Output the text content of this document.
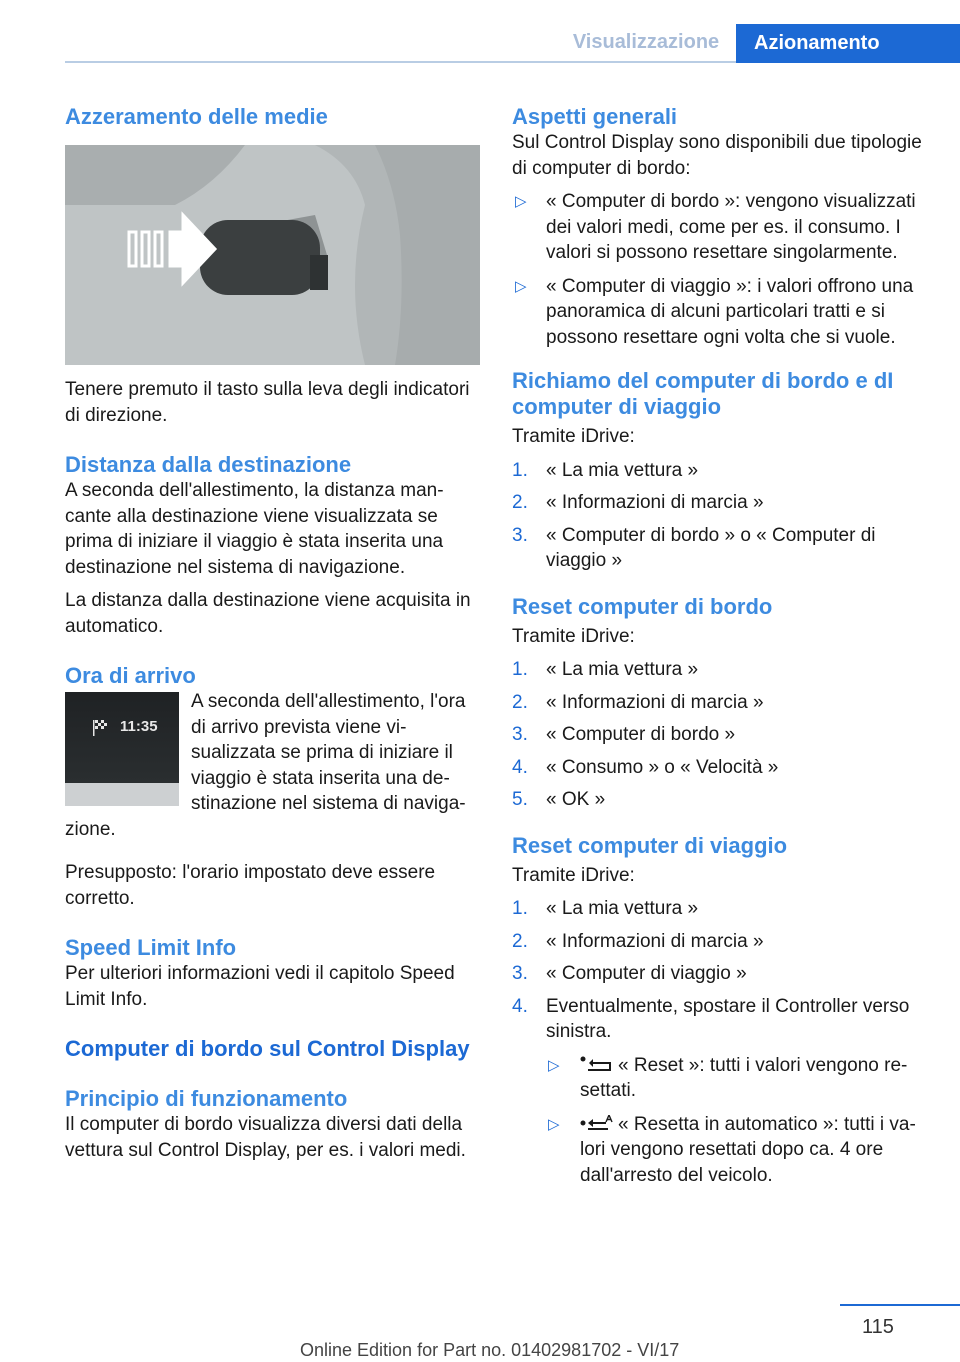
Visualizzazione	Azionamento
Azzeramento delle medie

Tenere premuto il tasto sulla leva degli indicatori di direzione.

Distanza dalla destinazione

A seconda dell'allestimento, la distanza mancante alla destinazione viene visualizzata se prima di iniziare il viaggio è stata inserita una destinazione nel sistema di navigazione.

La distanza dalla destinazione viene acquisita in automatico.

Ora di arrivo
11:35

A seconda dell'allestimento, l'ora di arrivo prevista viene visualizzata se prima di iniziare il viaggio è stata inserita una destinazione nel sistema di navigazione.

Presupposto: l'orario impostato deve essere corretto.

Speed Limit Info

Per ulteriori informazioni vedi il capitolo Speed Limit Info.

Computer di bordo sul Control Display
Principio di funzionamento

Il computer di bordo visualizza diversi dati della vettura sul Control Display, per es. i valori medi.

Aspetti generali

Sul Control Display sono disponibili due tipologie di computer di bordo:

▷ « Computer di bordo »: vengono visualizzati dei valori medi, come per es. il consumo. I valori si possono resettare singolarmente.
▷ « Computer di viaggio »: i valori offrono una panoramica di alcuni particolari tratti e si possono resettare ogni volta che si vuole.
Richiamo del computer di bordo e dI computer di viaggio

Tramite iDrive:

1. « La mia vettura »
2. « Informazioni di marcia »
3. « Computer di bordo » o « Computer di viaggio »
Reset computer di bordo

Tramite iDrive:

1. « La mia vettura »
2. « Informazioni di marcia »
3. « Computer di bordo »
4. « Consumo » o « Velocità »
5. « OK »
Reset computer di viaggio

Tramite iDrive:

1. « La mia vettura »
2. « Informazioni di marcia »
3. « Computer di viaggio »
4. Eventualmente, spostare il Controller verso sinistra.
▷	« Reset »: tutti i valori vengono resettati.
▷	« Resetta in automatico »: tutti i valori vengono resettati dopo ca. 4 ore dall'arresto del veicolo.
115
Online Edition for Part no. 01402981702 - VI/17
